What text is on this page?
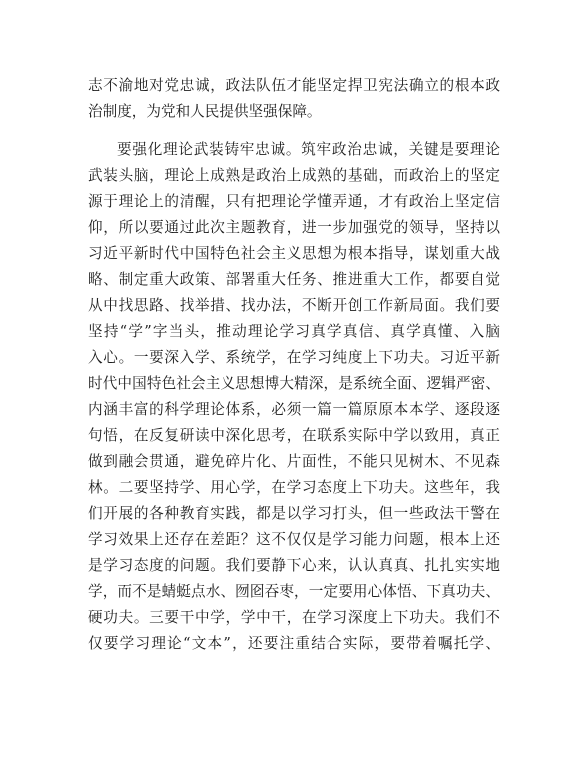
志不渝地对党忠诚，政法队伍才能坚定捍卫宪法确立的根本政
治制度，为党和人民提供坚强保障。
要强化理论武装铸牢忠诚。筑牢政治忠诚，关键是要理论
武装头脑，理论上成熟是政治上成熟的基础，而政治上的坚定
源于理论上的清醒，只有把理论学懂弄通，才有政治上坚定信
仰，所以要通过此次主题教育，进一步加强党的领导，坚持以
习近平新时代中国特色社会主义思想为根本指导，谋划重大战
略、制定重大政策、部署重大任务、推进重大工作，都要自觉
从中找思路、找举措、找办法，不断开创工作新局面。我们要
坚持“学”字当头，推动理论学习真学真信、真学真懂、入脑
入心。一要深入学、系统学，在学习纯度上下功夫。习近平新
时代中国特色社会主义思想博大精深，是系统全面、逻辑严密、
内涵丰富的科学理论体系，必须一篇一篇原原本本学、逐段逐
句悟，在反复研读中深化思考，在联系实际中学以致用，真正
做到融会贯通，避免碎片化、片面性，不能只见树木、不见森
林。二要坚持学、用心学，在学习态度上下功夫。这些年，我
们开展的各种教育实践，都是以学习打头，但一些政法干警在
学习效果上还存在差距？这不仅仅是学习能力问题，根本上还
是学习态度的问题。我们要静下心来，认认真真、扎扎实实地
学，而不是蜻蜓点水、囫囵吞枣，一定要用心体悟、下真功夫、
硬功夫。三要干中学，学中干，在学习深度上下功夫。我们不
仅要学习理论“文本”，还要注重结合实际，要带着嘱托学、
